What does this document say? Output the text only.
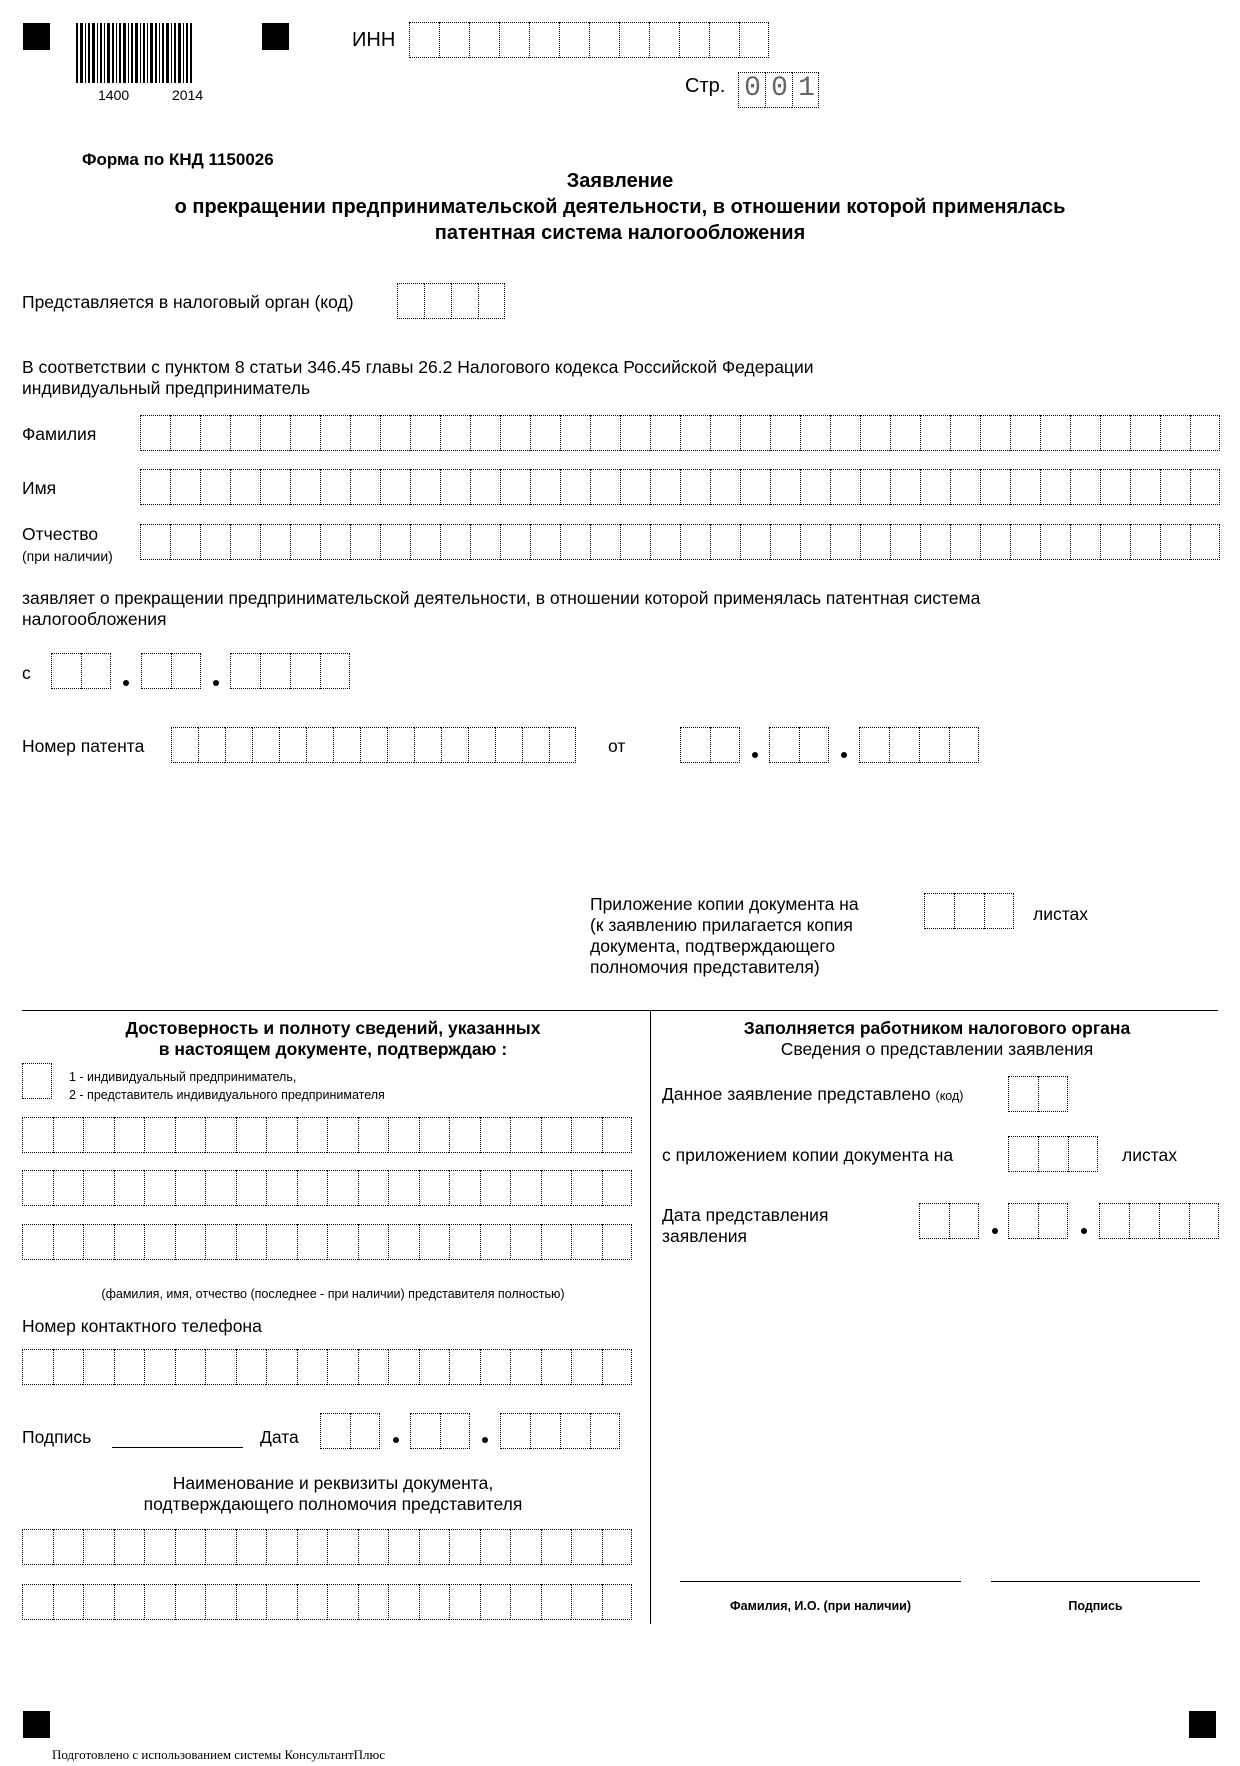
1400	2014
ИНН
Стр. 0 0 1
Форма по КНД 1150026
Заявление
о прекращении предпринимательской деятельности, в отношении которой применялась
патентная система налогообложения
Представляется в налоговый орган (код)
В соответствии с пунктом 8 статьи 346.45 главы 26.2 Налогового кодекса Российской Федерации
индивидуальный предприниматель
Фамилия
Имя
Отчество
(при наличии)
заявляет о прекращении предпринимательской деятельности, в отношении которой применялась патентная система
налогообложения
с
Номер патента	от
Приложение копии документа на
(к заявлению прилагается копия
документа, подтверждающего
полномочия представителя)
листах
Достоверность и полноту сведений, указанных
в настоящем документе, подтверждаю :
1 - индивидуальный предприниматель,
2 - представитель индивидуального предпринимателя
(фамилия, имя, отчество (последнее - при наличии) представителя полностью)
Номер контактного телефона
Подпись	Дата
Наименование и реквизиты документа,
подтверждающего полномочия представителя
Заполняется работником налогового органа
Сведения о представлении заявления
Данное заявление представлено (код)
с приложением копии документа на	листах
Дата представления
заявления
Фамилия, И.О. (при наличии)	Подпись
Подготовлено с использованием системы КонсультантПлюс
